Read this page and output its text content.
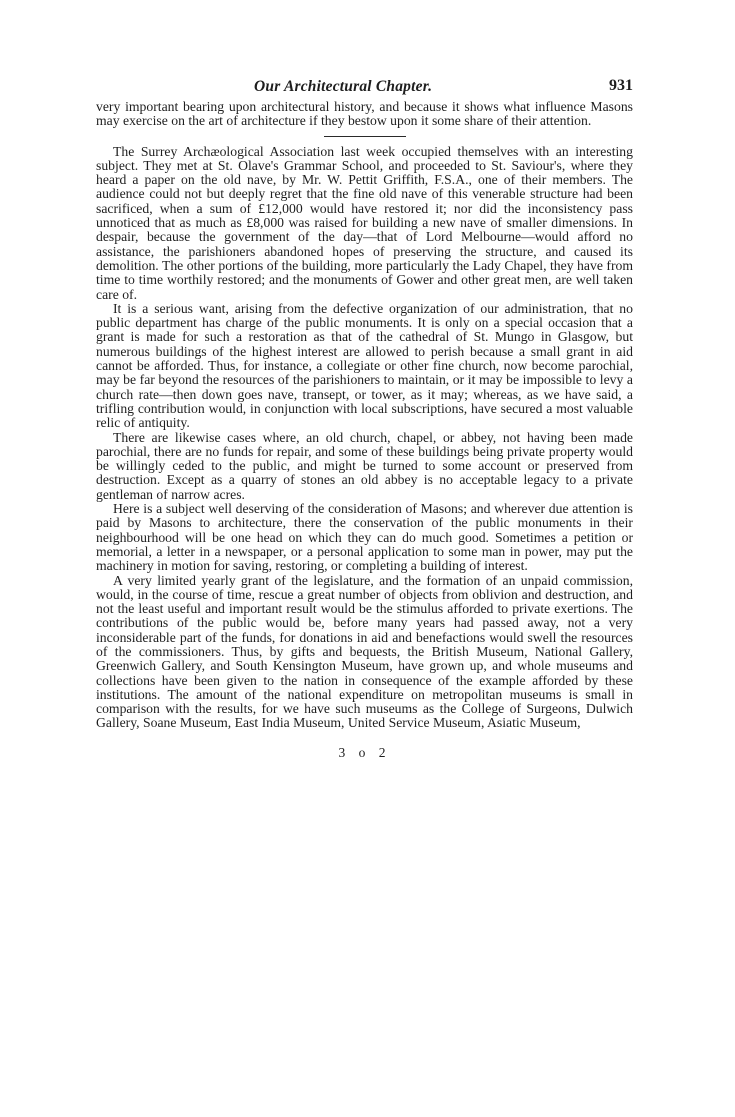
Our Architectural Chapter.	931

very important bearing upon architectural history, and because it shows what influence Masons may exercise on the art of architecture if they bestow upon it some share of their attention.

The Surrey Archæological Association last week occupied themselves with an interesting subject. They met at St. Olave's Grammar School, and proceeded to St. Saviour's, where they heard a paper on the old nave, by Mr. W. Pettit Griffith, F.S.A., one of their members. The audience could not but deeply regret that the fine old nave of this venerable structure had been sacrificed, when a sum of £12,000 would have restored it; nor did the inconsistency pass unnoticed that as much as £8,000 was raised for building a new nave of smaller dimensions. In despair, because the government of the day—that of Lord Melbourne—would afford no assistance, the parishioners abandoned hopes of preserving the structure, and caused its demolition. The other portions of the building, more particularly the Lady Chapel, they have from time to time worthily restored; and the monuments of Gower and other great men, are well taken care of.

It is a serious want, arising from the defective organization of our administration, that no public department has charge of the public monuments. It is only on a special occasion that a grant is made for such a restoration as that of the cathedral of St. Mungo in Glasgow, but numerous buildings of the highest interest are allowed to perish because a small grant in aid cannot be afforded. Thus, for instance, a collegiate or other fine church, now become parochial, may be far beyond the resources of the parishioners to maintain, or it may be impossible to levy a church rate—then down goes nave, transept, or tower, as it may; whereas, as we have said, a trifling contribution would, in conjunction with local subscriptions, have secured a most valuable relic of antiquity.

There are likewise cases where, an old church, chapel, or abbey, not having been made parochial, there are no funds for repair, and some of these buildings being private property would be willingly ceded to the public, and might be turned to some account or preserved from destruction. Except as a quarry of stones an old abbey is no acceptable legacy to a private gentleman of narrow acres.

Here is a subject well deserving of the consideration of Masons; and wherever due attention is paid by Masons to architecture, there the conservation of the public monuments in their neighbourhood will be one head on which they can do much good. Sometimes a petition or memorial, a letter in a newspaper, or a personal application to some man in power, may put the machinery in motion for saving, restoring, or completing a building of interest.

A very limited yearly grant of the legislature, and the formation of an unpaid commission, would, in the course of time, rescue a great number of objects from oblivion and destruction, and not the least useful and important result would be the stimulus afforded to private exertions. The contributions of the public would be, before many years had passed away, not a very inconsiderable part of the funds, for donations in aid and benefactions would swell the resources of the commissioners. Thus, by gifts and bequests, the British Museum, National Gallery, Greenwich Gallery, and South Kensington Museum, have grown up, and whole museums and collections have been given to the nation in consequence of the example afforded by these institutions. The amount of the national expenditure on metropolitan museums is small in comparison with the results, for we have such museums as the College of Surgeons, Dulwich Gallery, Soane Museum, East India Museum, United Service Museum, Asiatic Museum,

3 o 2
